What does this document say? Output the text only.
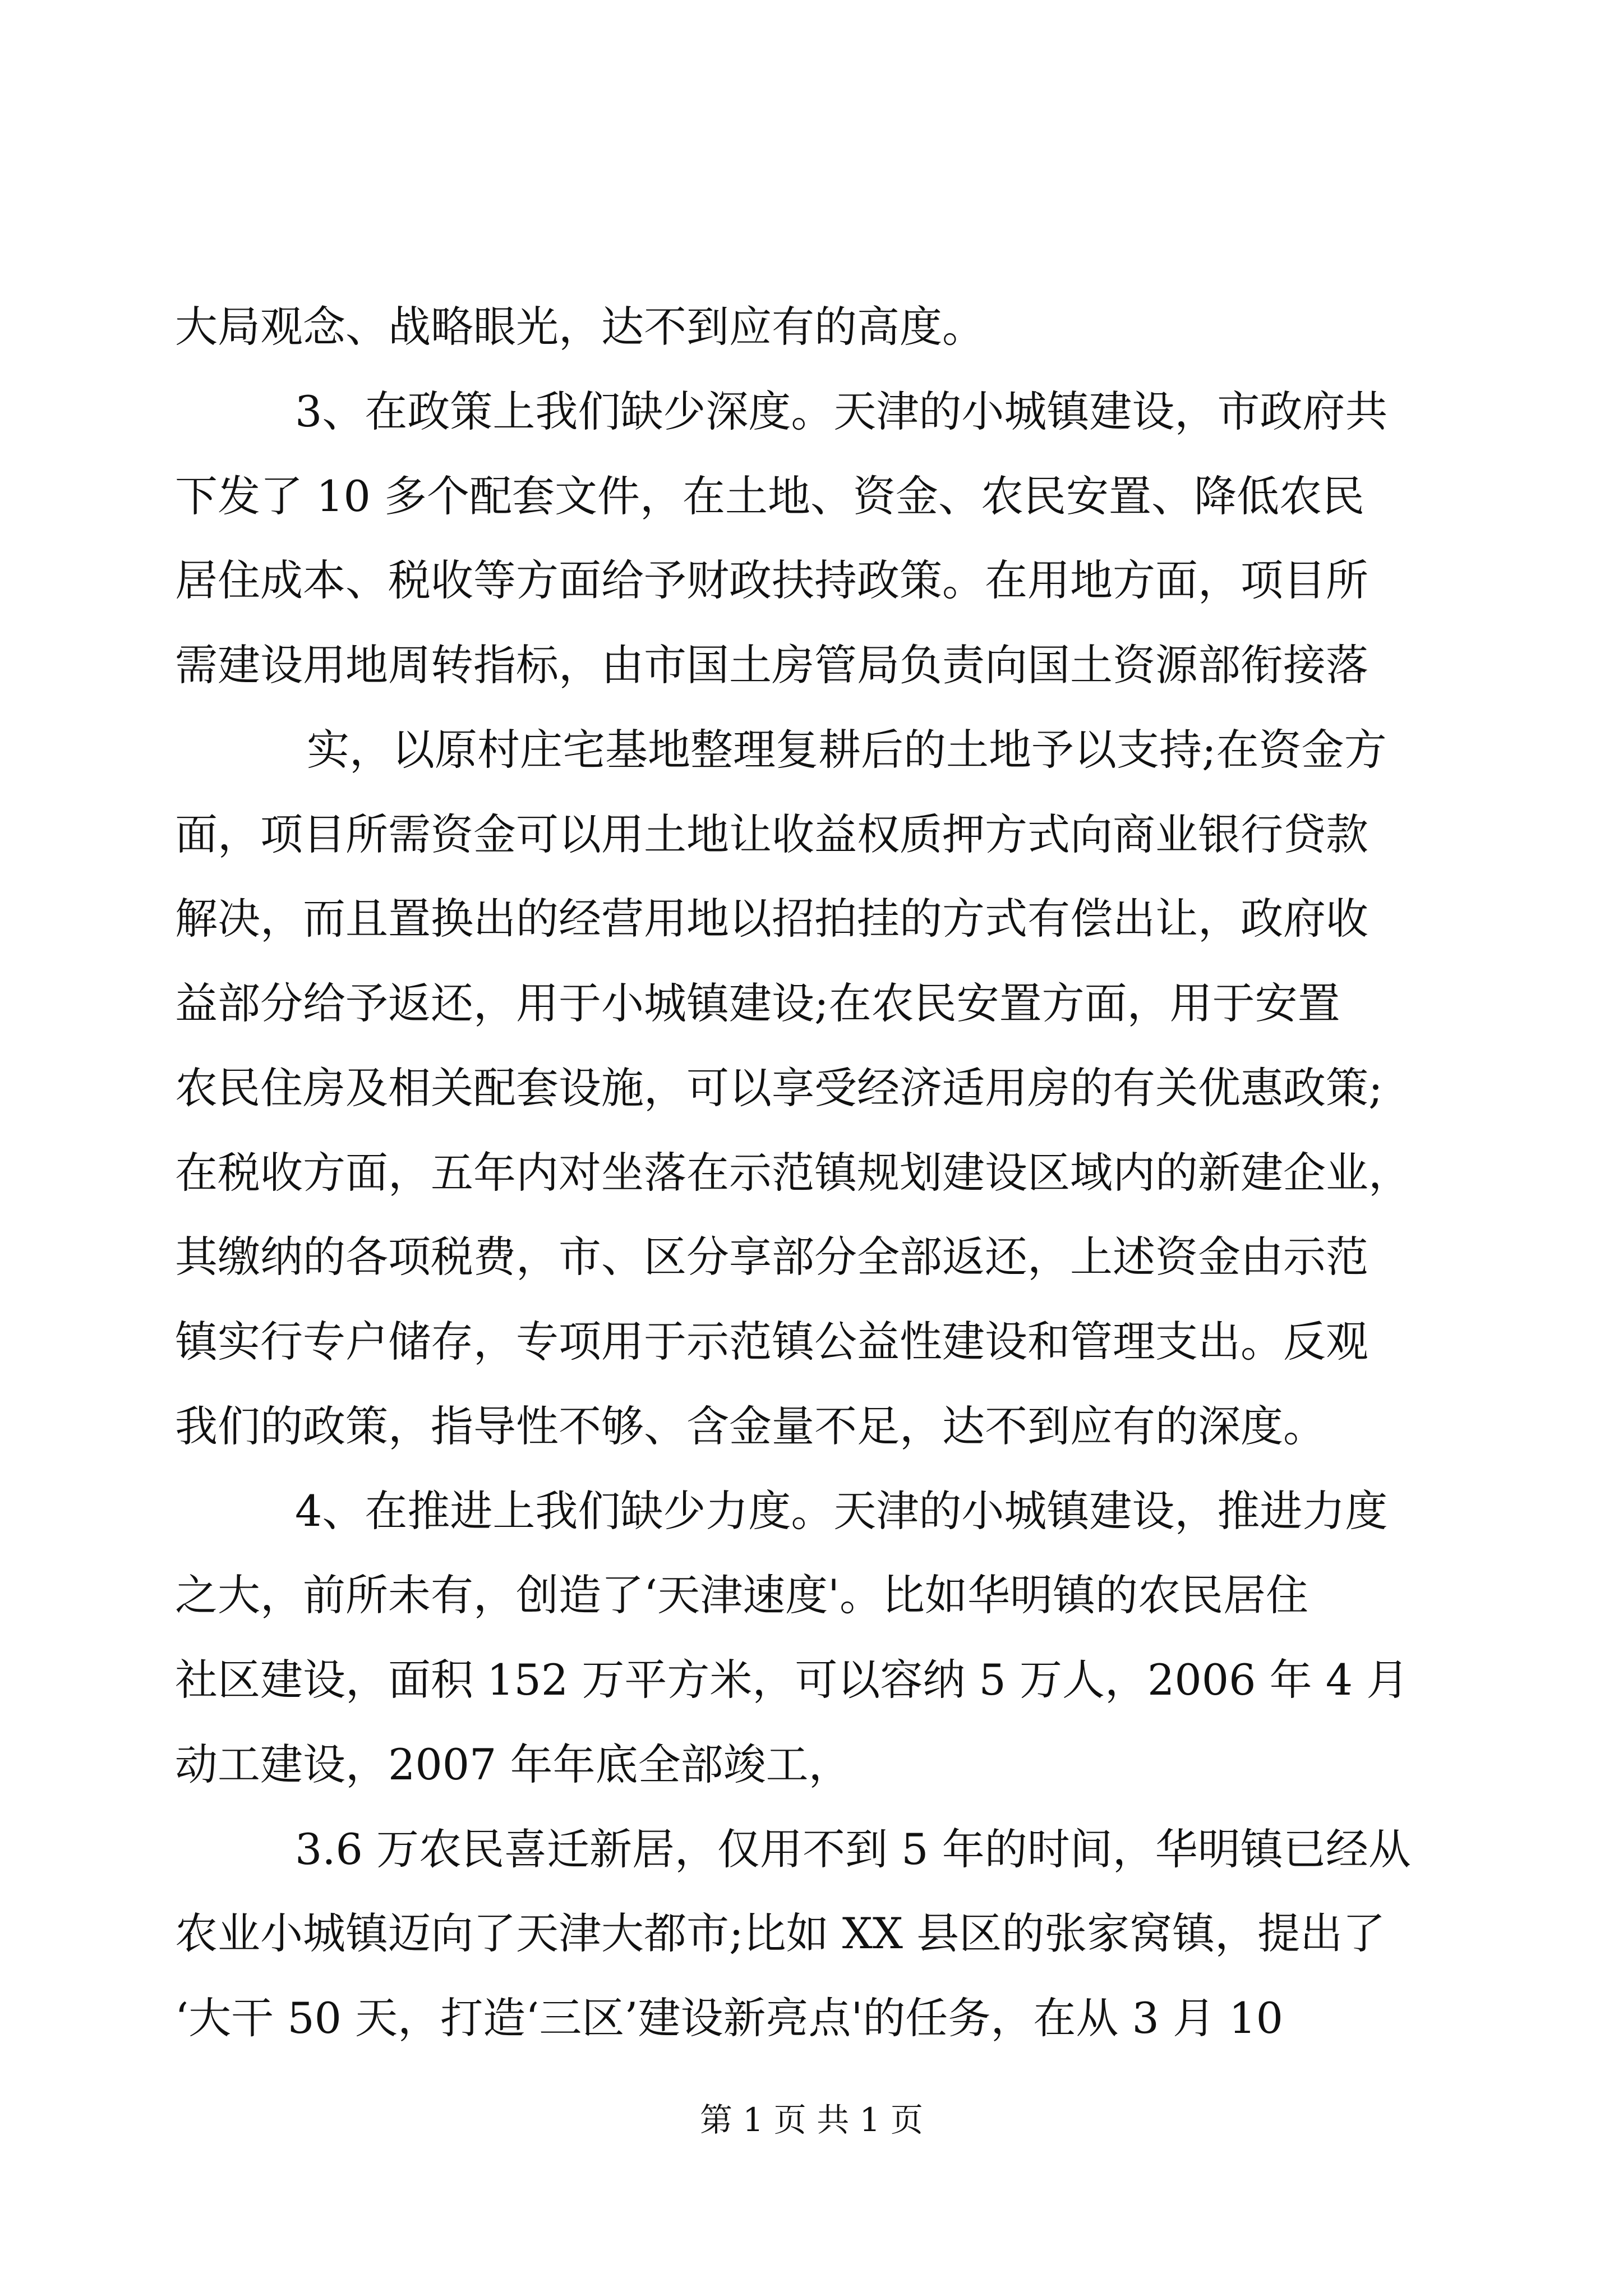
大局观念、战略眼光，达不到应有的高度。
3、在政策上我们缺少深度。天津的小城镇建设，市政府共
下发了 10 多个配套文件，在土地、资金、农民安置、降低农民
居住成本、税收等方面给予财政扶持政策。在用地方面，项目所
需建设用地周转指标，由市国土房管局负责向国土资源部衔接落
实，以原村庄宅基地整理复耕后的土地予以支持;在资金方
面，项目所需资金可以用土地让收益权质押方式向商业银行贷款
解决，而且置换出的经营用地以招拍挂的方式有偿出让，政府收
益部分给予返还，用于小城镇建设;在农民安置方面，用于安置
农民住房及相关配套设施，可以享受经济适用房的有关优惠政策;
在税收方面，五年内对坐落在示范镇规划建设区域内的新建企业，
其缴纳的各项税费，市、区分享部分全部返还，上述资金由示范
镇实行专户储存，专项用于示范镇公益性建设和管理支出。反观
我们的政策，指导性不够、含金量不足，达不到应有的深度。
4、在推进上我们缺少力度。天津的小城镇建设，推进力度
之大，前所未有，创造了‘天津速度'。比如华明镇的农民居住
社区建设，面积 152 万平方米，可以容纳 5 万人，2006 年 4 月
动工建设，2007 年年底全部竣工，
3.6 万农民喜迁新居，仅用不到 5 年的时间，华明镇已经从
农业小城镇迈向了天津大都市;比如 XX 县区的张家窝镇，提出了
‘大干 50 天，打造‘三区’建设新亮点'的任务，在从 3 月 10
第 1 页 共 1 页
